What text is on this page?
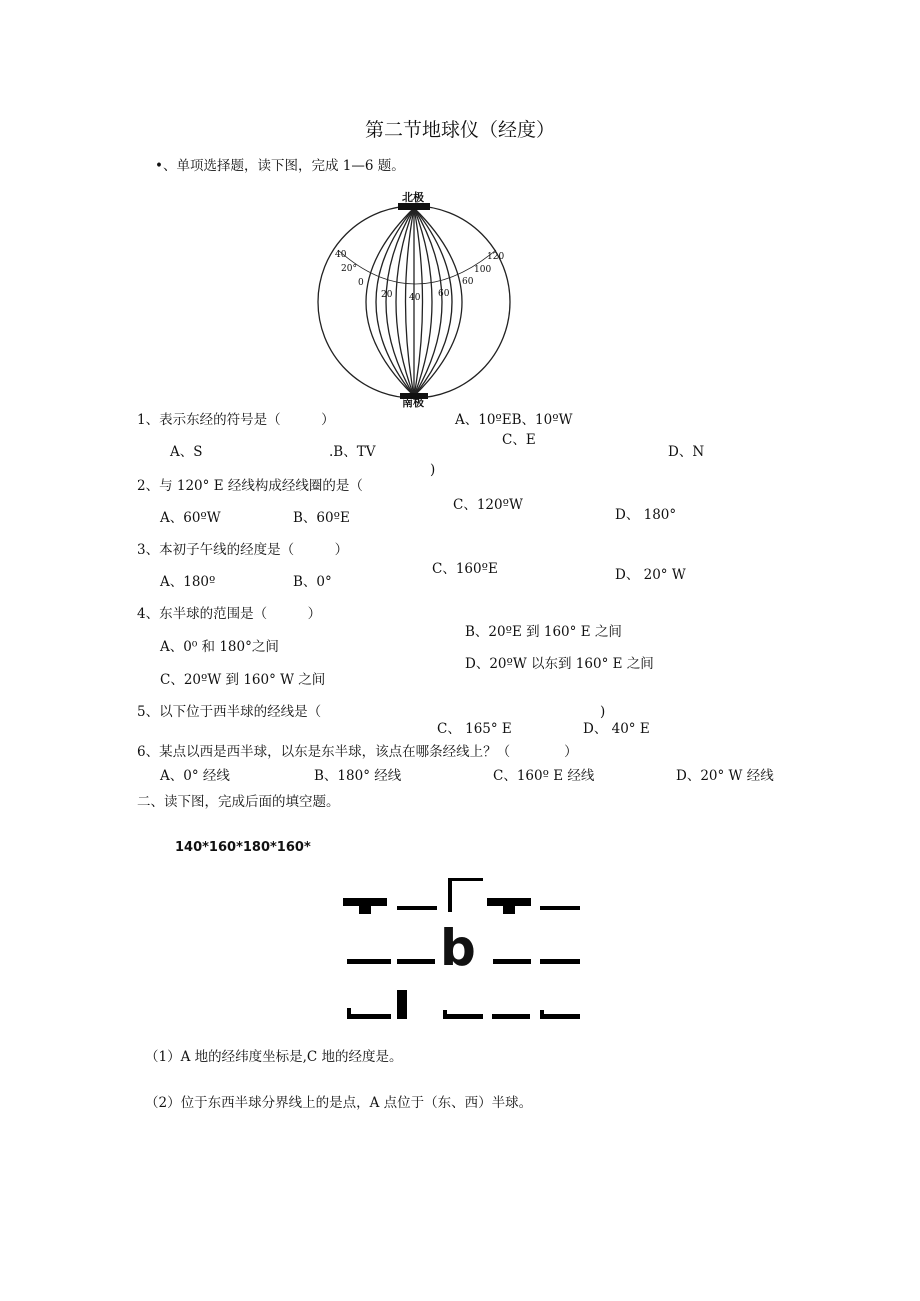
第二节地球仪（经度）
•、单项选择题，读下图，完成 1—6 题。
北极
南极
40
20°
0
20 40 60
60
100
120
1、表示东经的符号是（　　　）	A、10ºEB、10ºW
C、E
A、S	.B、TV	D、N
)
2、与 120° E 经线构成经线圈的是（
C、120ºW
A、60ºW	B、60ºE	D、 180°
3、本初子午线的经度是（　　　）
C、160ºE
A、180º	B、0°	D、 20° W
4、东半球的范围是（　　　）
B、20ºE 到 160° E 之间
A、0⁰ 和 180°之间
D、20ºW 以东到 160° E 之间
C、20ºW 到 160° W 之间
5、以下位于西半球的经线是（	)
C、 165° E	D、 40° E
6、某点以西是西半球，以东是东半球，该点在哪条经线上？（　　　　）
A、0° 经线	B、180° 经线	C、160º E 经线	D、20° W 经线
二、读下图，完成后面的填空题。
140*160*180*160*
b
（1）A 地的经纬度坐标是,C 地的经度是。
（2）位于东西半球分界线上的是点，A 点位于（东、西）半球。
